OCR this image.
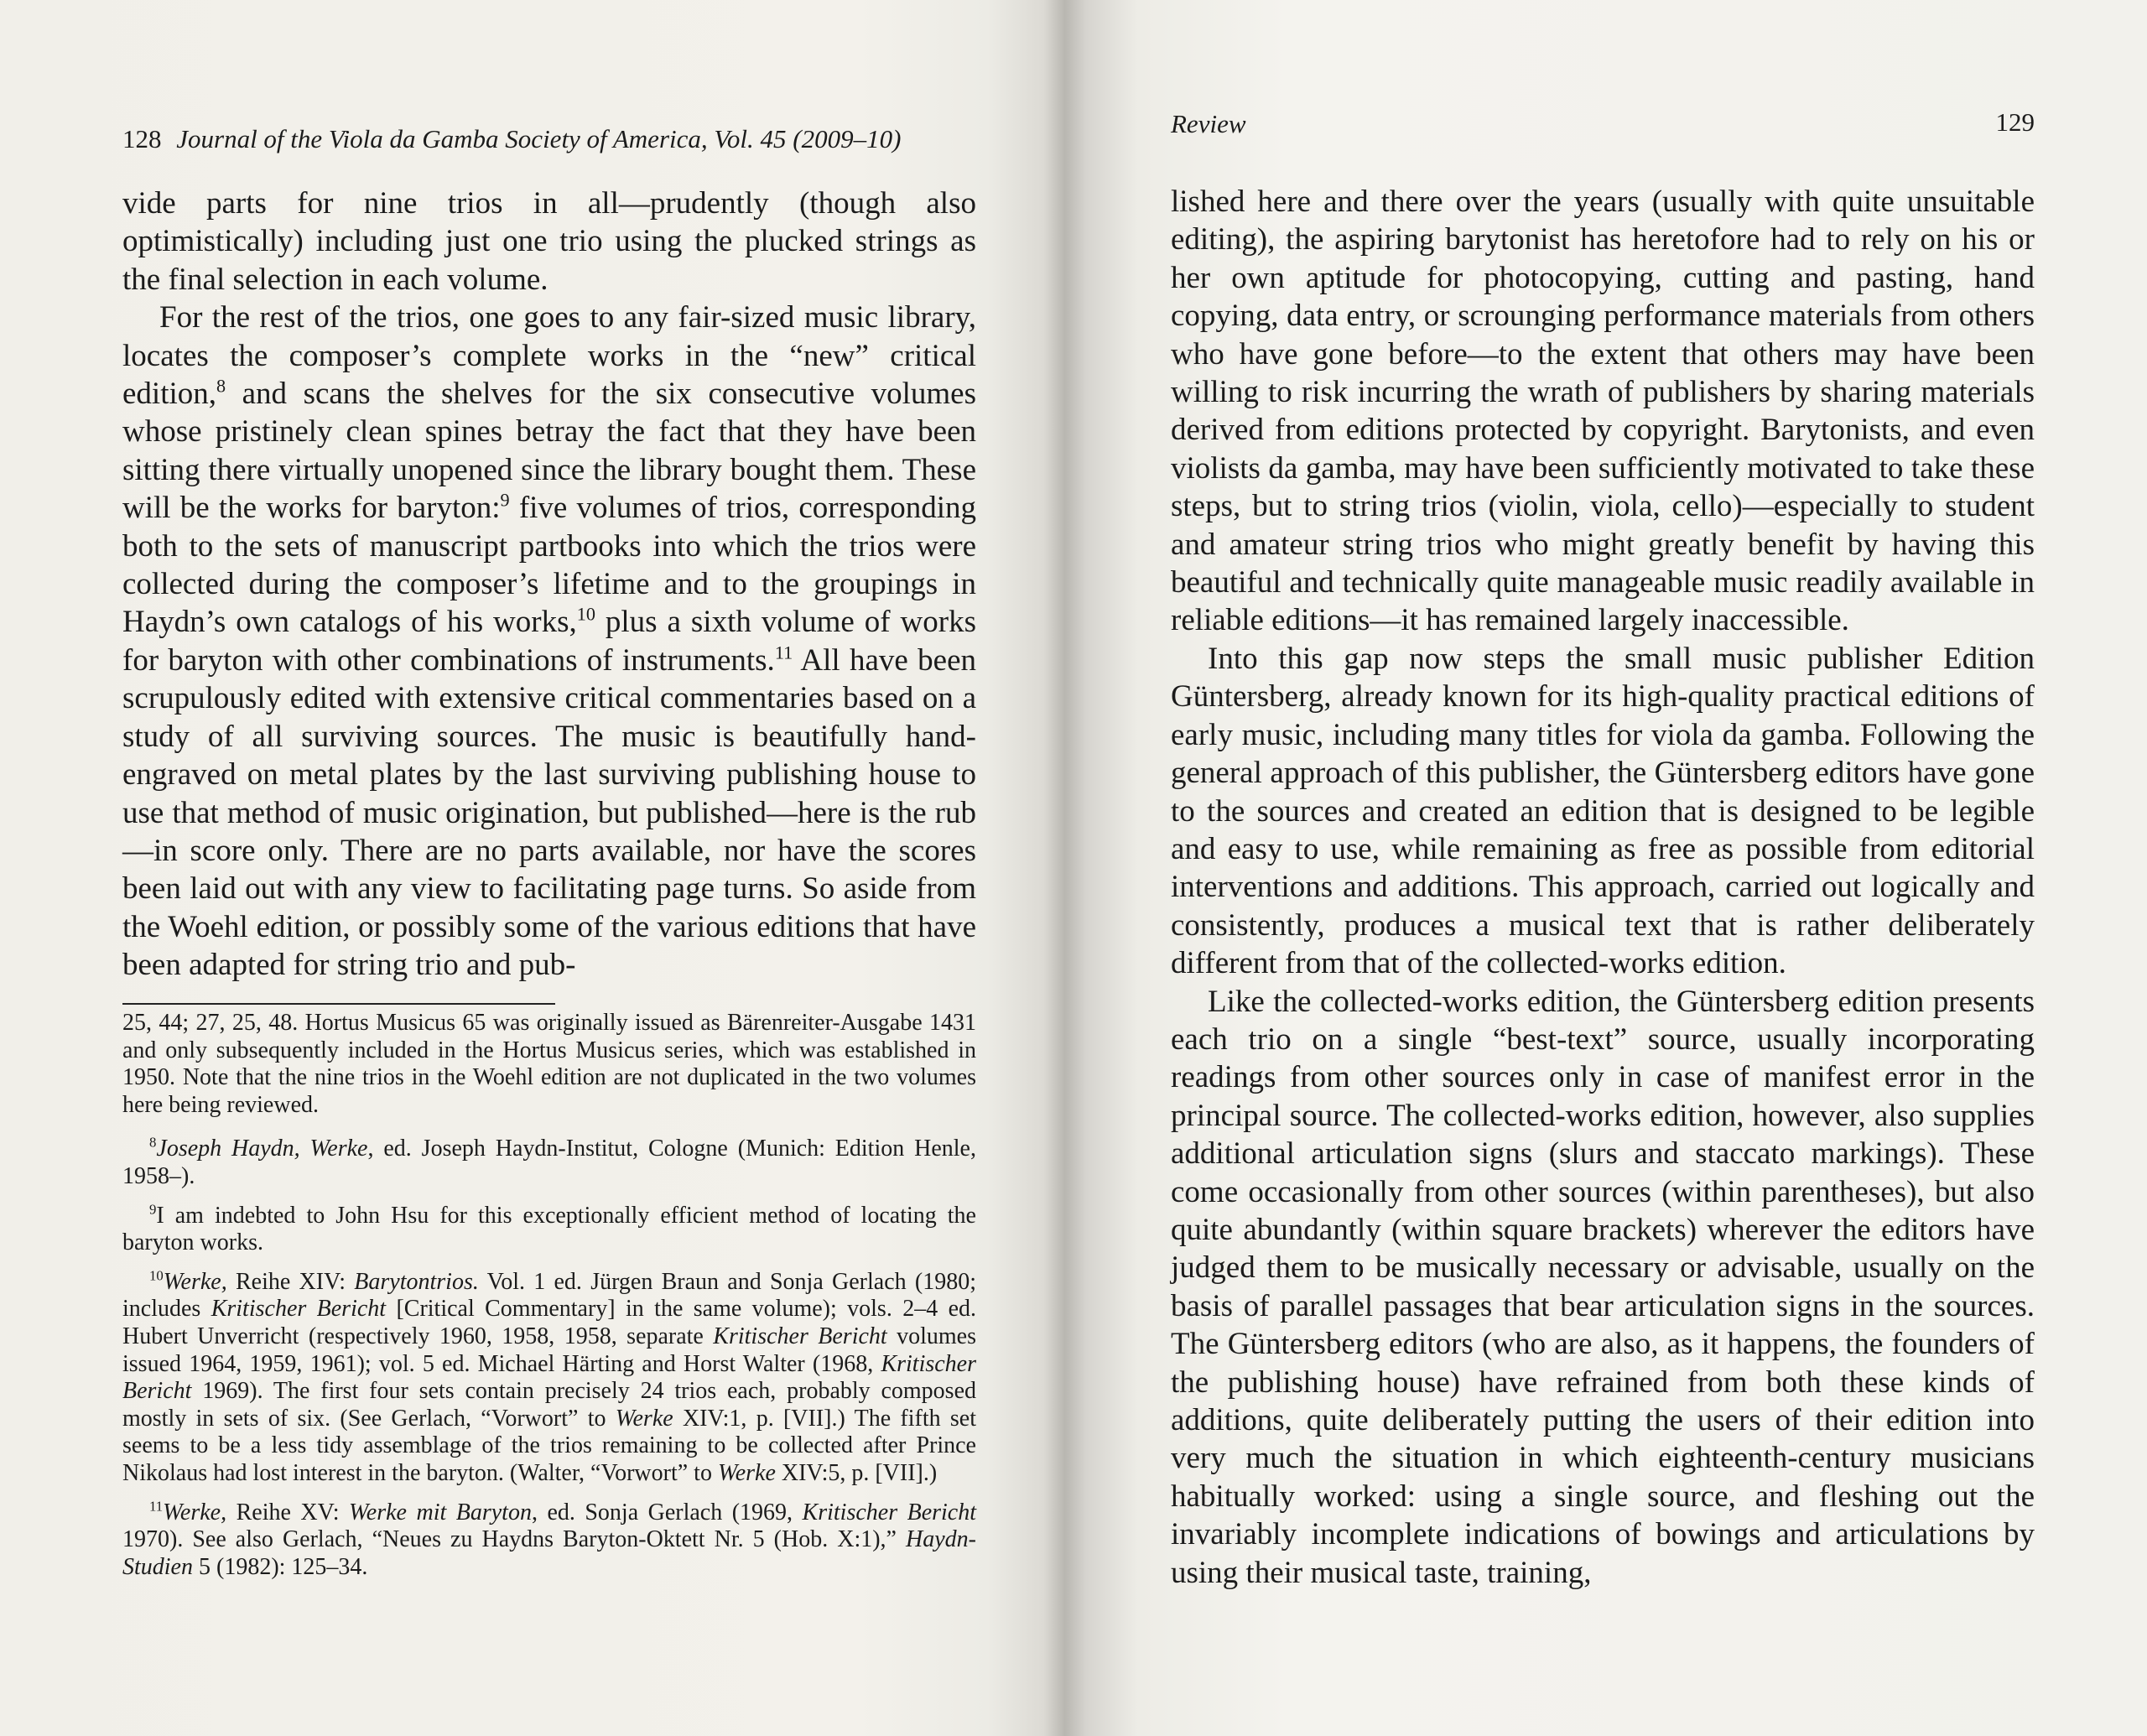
128 Journal of the Viola da Gamba Society of America, Vol. 45 (2009–10)

vide parts for nine trios in all—prudently (though also optimistically) including just one trio using the plucked strings as the final selection in each volume.

For the rest of the trios, one goes to any fair-sized music library, locates the composer’s complete works in the “new” critical edition,$^8$ and scans the shelves for the six consecutive volumes whose pristinely clean spines betray the fact that they have been sitting there virtually unopened since the library bought them. These will be the works for baryton:$^9$ five volumes of trios, corresponding both to the sets of manuscript partbooks into which the trios were collected during the composer’s lifetime and to the groupings in Haydn’s own catalogs of his works,$^{10}$ plus a sixth volume of works for baryton with other combinations of instruments.$^{11}$ All have been scrupulously edited with extensive critical commentaries based on a study of all surviving sources. The music is beautifully hand-engraved on metal plates by the last surviving publishing house to use that method of music origination, but published—here is the rub—in score only. There are no parts available, nor have the scores been laid out with any view to facilitating page turns. So aside from the Woehl edition, or possibly some of the various editions that have been adapted for string trio and pub-

25, 44; 27, 25, 48. Hortus Musicus 65 was originally issued as Bärenreiter-Ausgabe 1431 and only subsequently included in the Hortus Musicus series, which was established in 1950. Note that the nine trios in the Woehl edition are not duplicated in the two volumes here being reviewed.

$^8$Joseph Haydn, Werke, ed. Joseph Haydn-Institut, Cologne (Munich: Edition Henle, 1958–).

$^9$I am indebted to John Hsu for this exceptionally efficient method of locating the baryton works.

$^{10}$Werke, Reihe XIV: Barytontrios. Vol. 1 ed. Jürgen Braun and Sonja Gerlach (1980; includes Kritischer Bericht [Critical Commentary] in the same volume); vols. 2–4 ed. Hubert Unverricht (respectively 1960, 1958, 1958, separate Kritischer Bericht volumes issued 1964, 1959, 1961); vol. 5 ed. Michael Härting and Horst Walter (1968, Kritischer Bericht 1969). The first four sets contain precisely 24 trios each, probably composed mostly in sets of six. (See Gerlach, “Vorwort” to Werke XIV:1, p. [VII].) The fifth set seems to be a less tidy assemblage of the trios remaining to be collected after Prince Nikolaus had lost interest in the baryton. (Walter, “Vorwort” to Werke XIV:5, p. [VII].)

$^{11}$Werke, Reihe XV: Werke mit Baryton, ed. Sonja Gerlach (1969, Kritischer Bericht 1970). See also Gerlach, “Neues zu Haydns Baryton-Oktett Nr. 5 (Hob. X:1),” Haydn-Studien 5 (1982): 125–34.

Review	129

lished here and there over the years (usually with quite unsuitable editing), the aspiring barytonist has heretofore had to rely on his or her own aptitude for photocopying, cutting and pasting, hand copying, data entry, or scrounging performance materials from others who have gone before—to the extent that others may have been willing to risk incurring the wrath of publishers by sharing materials derived from editions protected by copyright. Barytonists, and even violists da gamba, may have been sufficiently motivated to take these steps, but to string trios (violin, viola, cello)—especially to student and amateur string trios who might greatly benefit by having this beautiful and technically quite manageable music readily available in reliable editions—it has remained largely inaccessible.

Into this gap now steps the small music publisher Edition Güntersberg, already known for its high-quality practical editions of early music, including many titles for viola da gamba. Following the general approach of this publisher, the Güntersberg editors have gone to the sources and created an edition that is designed to be legible and easy to use, while remaining as free as possible from editorial interventions and additions. This approach, carried out logically and consistently, produces a musical text that is rather deliberately different from that of the collected-works edition.

Like the collected-works edition, the Güntersberg edition presents each trio on a single “best-text” source, usually incorporating readings from other sources only in case of manifest error in the principal source. The collected-works edition, however, also supplies additional articulation signs (slurs and staccato markings). These come occasionally from other sources (within parentheses), but also quite abundantly (within square brackets) wherever the editors have judged them to be musically necessary or advisable, usually on the basis of parallel passages that bear articulation signs in the sources. The Güntersberg editors (who are also, as it happens, the founders of the publishing house) have refrained from both these kinds of additions, quite deliberately putting the users of their edition into very much the situation in which eighteenth-century musicians habitually worked: using a single source, and fleshing out the invariably incomplete indications of bowings and articulations by using their musical taste, training,
